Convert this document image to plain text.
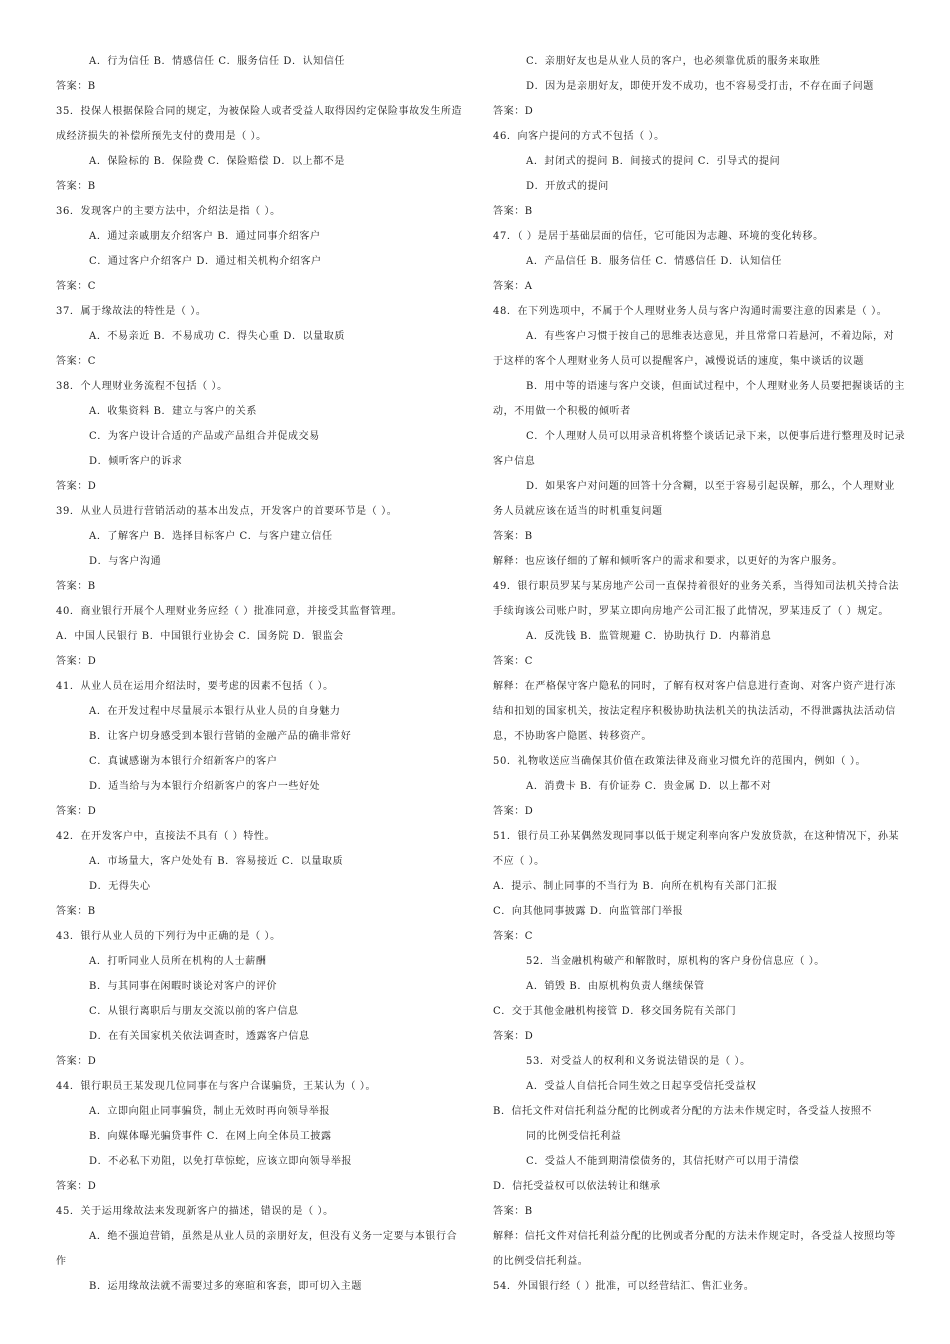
A．行为信任 B．情感信任 C．服务信任 D．认知信任
答案：B
35．投保人根据保险合同的规定，为被保险人或者受益人取得因约定保险事故发生所造
成经济损失的补偿所预先支付的费用是（ ）。
A．保险标的 B．保险费 C．保险赔偿 D．以上都不是
答案：B
36．发现客户的主要方法中，介绍法是指（ ）。
A．通过亲戚朋友介绍客户 B．通过同事介绍客户
C．通过客户介绍客户 D．通过相关机构介绍客户
答案：C
37．属于缘故法的特性是（ ）。
A．不易亲近 B．不易成功 C．得失心重 D．以量取质
答案：C
38．个人理财业务流程不包括（ ）。
A．收集资料 B．建立与客户的关系
C．为客户设计合适的产品或产品组合并促成交易
D．倾听客户的诉求
答案：D
39．从业人员进行营销活动的基本出发点，开发客户的首要环节是（ ）。
A．了解客户 B．选择目标客户 C．与客户建立信任
D．与客户沟通
答案：B
40．商业银行开展个人理财业务应经（ ）批准同意，并接受其监督管理。
A．中国人民银行 B．中国银行业协会 C．国务院 D．银监会
答案：D
41．从业人员在运用介绍法时，要考虑的因素不包括（ ）。
A．在开发过程中尽量展示本银行从业人员的自身魅力
B．让客户切身感受到本银行营销的金融产品的确非常好
C．真诚感谢为本银行介绍新客户的客户
D．适当给与为本银行介绍新客户的客户一些好处
答案：D
42．在开发客户中，直接法不具有（ ）特性。
A．市场量大，客户处处有 B．容易接近 C．以量取质
D．无得失心
答案：B
43．银行从业人员的下列行为中正确的是（ ）。
A．打听同业人员所在机构的人士薪酬
B．与其同事在闲暇时谈论对客户的评价
C．从银行离职后与朋友交流以前的客户信息
D．在有关国家机关依法调查时，透露客户信息
答案：D
44．银行职员王某发现几位同事在与客户合谋骗贷，王某认为（ ）。
A．立即向阻止同事骗贷，制止无效时再向领导举报
B．向媒体曝光骗贷事件 C．在网上向全体员工披露
D．不必私下劝阻，以免打草惊蛇，应该立即向领导举报
答案：D
45．关于运用缘故法来发现新客户的描述，错误的是（ ）。
A．绝不强迫营销，虽然是从业人员的亲朋好友，但没有义务一定要与本银行合
作
B．运用缘故法就不需要过多的寒暄和客套，即可切入主题
C．亲朋好友也是从业人员的客户，也必须靠优质的服务来取胜
D．因为是亲朋好友，即使开发不成功，也不容易受打击，不存在面子问题
答案：D
46．向客户提问的方式不包括（ ）。
A．封闭式的提问 B．间接式的提问 C．引导式的提问
D．开放式的提问
答案：B
47．（ ）是居于基础层面的信任，它可能因为志趣、环境的变化转移。
A．产品信任 B．服务信任 C．情感信任 D．认知信任
答案：A
48．在下列选项中，不属于个人理财业务人员与客户沟通时需要注意的因素是（ ）。
A．有些客户习惯于按自己的思维表达意见，并且常常口若悬河，不着边际，对
于这样的客个人理财业务人员可以提醒客户，减慢说话的速度，集中谈话的议题
B．用中等的语速与客户交谈，但面试过程中，个人理财业务人员要把握谈话的主
动，不用做一个积极的倾听者
C．个人理财人员可以用录音机将整个谈话记录下来，以便事后进行整理及时记录
客户信息
D．如果客户对问题的回答十分含糊，以至于容易引起误解，那么，个人理财业
务人员就应该在适当的时机重复问题
答案：B
解释：也应该仔细的了解和倾听客户的需求和要求，以更好的为客户服务。
49．银行职员罗某与某房地产公司一直保持着很好的业务关系，当得知司法机关持合法
手续询该公司账户时，罗某立即向房地产公司汇报了此情况，罗某违反了（ ）规定。
A．反洗钱 B．监管规避 C．协助执行 D．内幕消息
答案：C
解释：在严格保守客户隐私的同时，了解有权对客户信息进行查询、对客户资产进行冻
结和扣划的国家机关，按法定程序积极协助执法机关的执法活动，不得泄露执法活动信
息，不协助客户隐匿、转移资产。
50．礼物收送应当确保其价值在政策法律及商业习惯允许的范围内，例如（ ）。
A．消费卡 B．有价证券 C．贵金属 D．以上都不对
答案：D
51．银行员工孙某偶然发现同事以低于规定利率向客户发放贷款，在这种情况下，孙某
不应（ ）。
A．提示、制止同事的不当行为 B．向所在机构有关部门汇报
C．向其他同事披露 D．向监管部门举报
答案：C
52．当金融机构破产和解散时，原机构的客户身份信息应（ ）。
A．销毁 B．由原机构负责人继续保管
C．交于其他金融机构接管 D．移交国务院有关部门
答案：D
53．对受益人的权利和义务说法错误的是（ ）。
A．受益人自信托合同生效之日起享受信托受益权
B．信托文件对信托利益分配的比例或者分配的方法未作规定时，各受益人按照不
同的比例受信托利益
C．受益人不能到期清偿债务的，其信托财产可以用于清偿
D．信托受益权可以依法转让和继承
答案：B
解释：信托文件对信托利益分配的比例或者分配的方法未作规定时，各受益人按照均等
的比例受信托利益。
54．外国银行经（ ）批准，可以经营结汇、售汇业务。
